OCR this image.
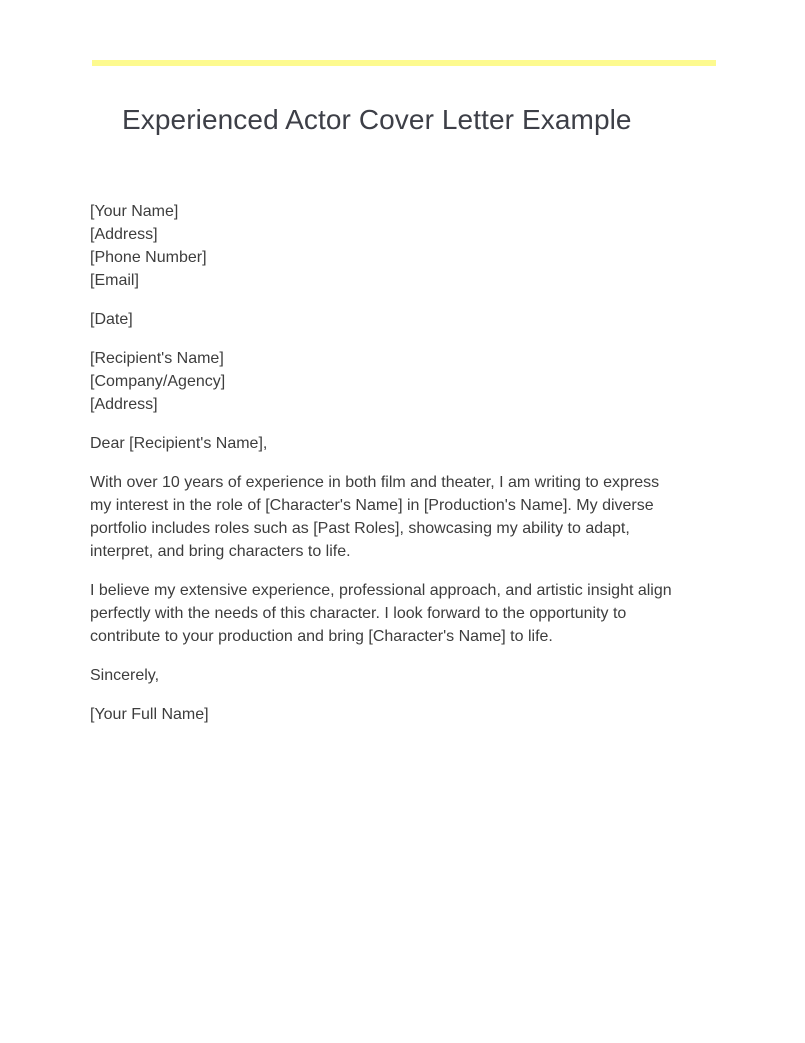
Experienced Actor Cover Letter Example
[Your Name]
[Address]
[Phone Number]
[Email]
[Date]
[Recipient's Name]
[Company/Agency]
[Address]
Dear [Recipient's Name],
With over 10 years of experience in both film and theater, I am writing to express
my interest in the role of [Character's Name] in [Production's Name]. My diverse
portfolio includes roles such as [Past Roles], showcasing my ability to adapt,
interpret, and bring characters to life.
I believe my extensive experience, professional approach, and artistic insight align
perfectly with the needs of this character. I look forward to the opportunity to
contribute to your production and bring [Character's Name] to life.
Sincerely,
[Your Full Name]
